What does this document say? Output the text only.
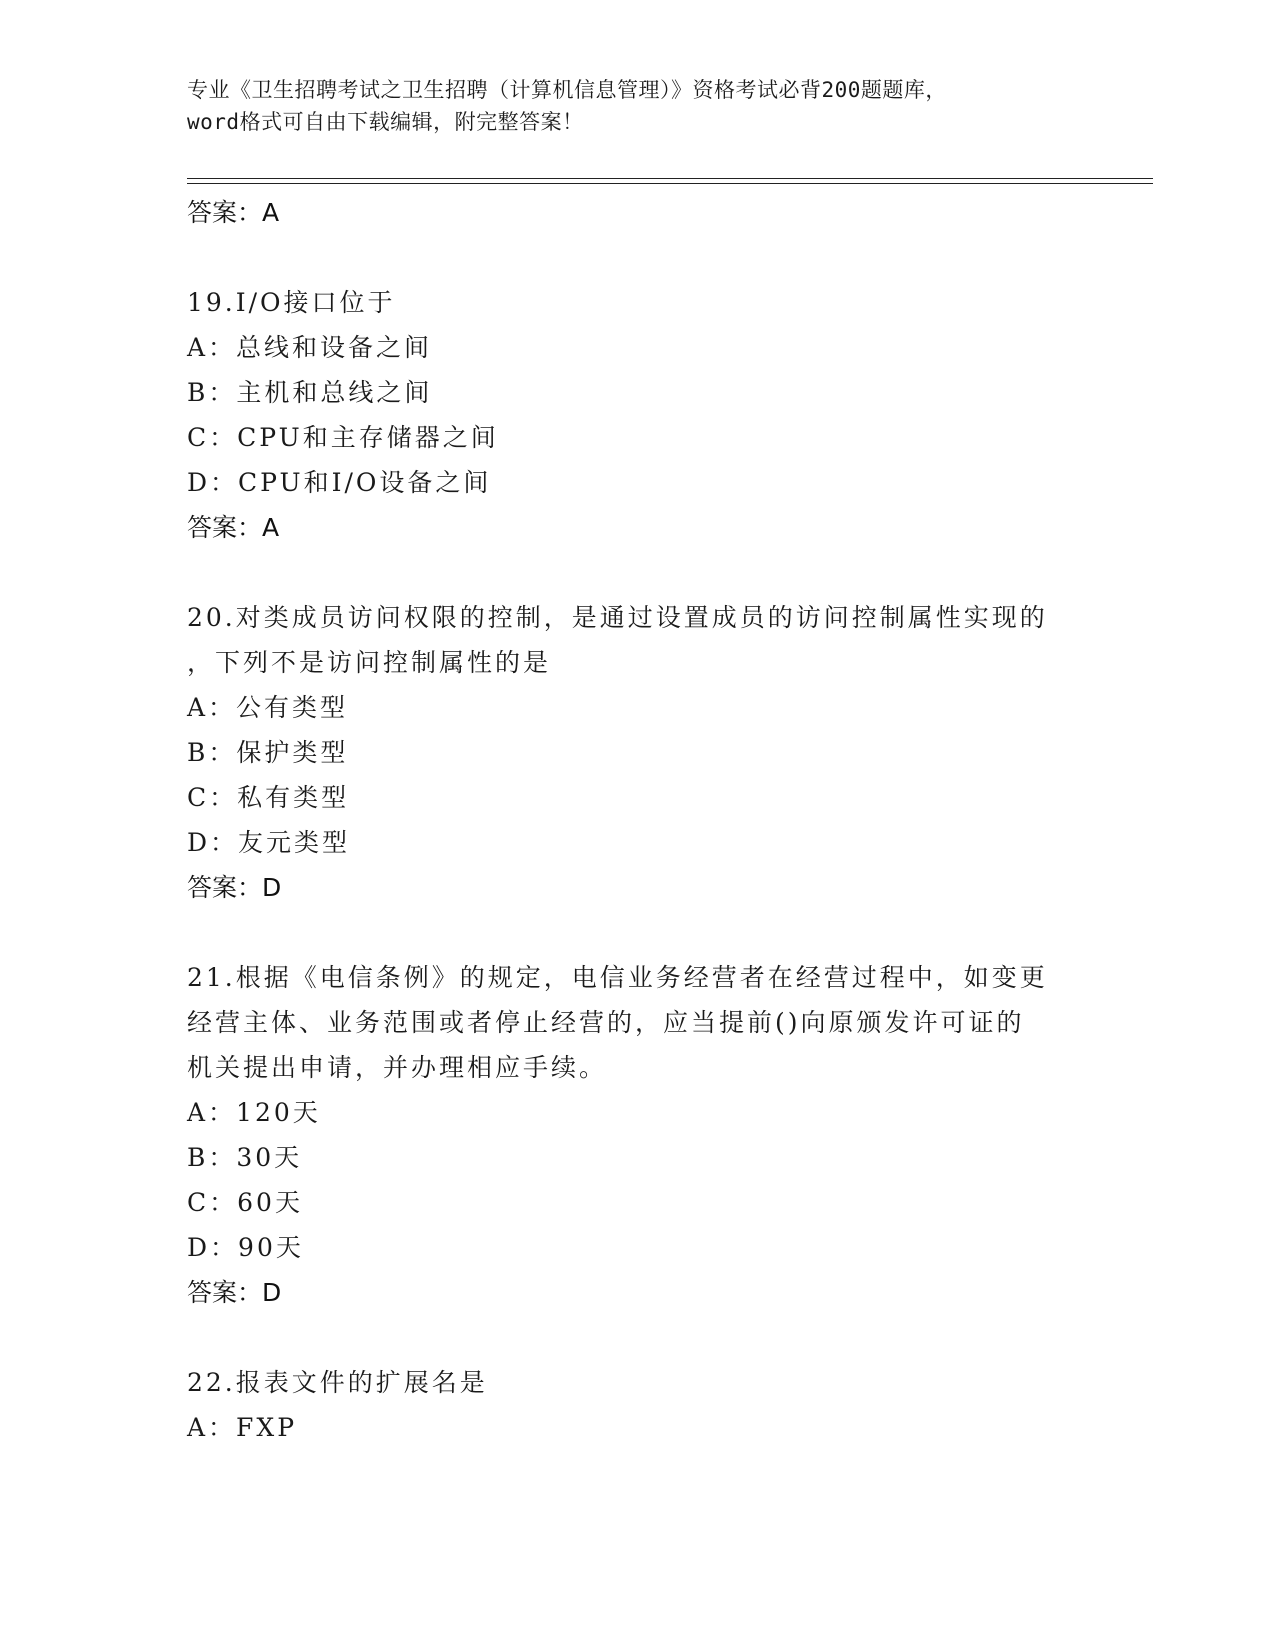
专业《卫生招聘考试之卫生招聘（计算机信息管理）》资格考试必背200题题库，
word格式可自由下载编辑，附完整答案！
答案：A
19.I/O接口位于
A：总线和设备之间
B：主机和总线之间
C：CPU和主存储器之间
D：CPU和I/O设备之间
答案：A
20.对类成员访问权限的控制，是通过设置成员的访问控制属性实现的
，下列不是访问控制属性的是
A：公有类型
B：保护类型
C：私有类型
D：友元类型
答案：D
21.根据《电信条例》的规定，电信业务经营者在经营过程中，如变更
经营主体、业务范围或者停止经营的，应当提前()向原颁发许可证的
机关提出申请，并办理相应手续。
A：120天
B：30天
C：60天
D：90天
答案：D
22.报表文件的扩展名是
A：FXP
